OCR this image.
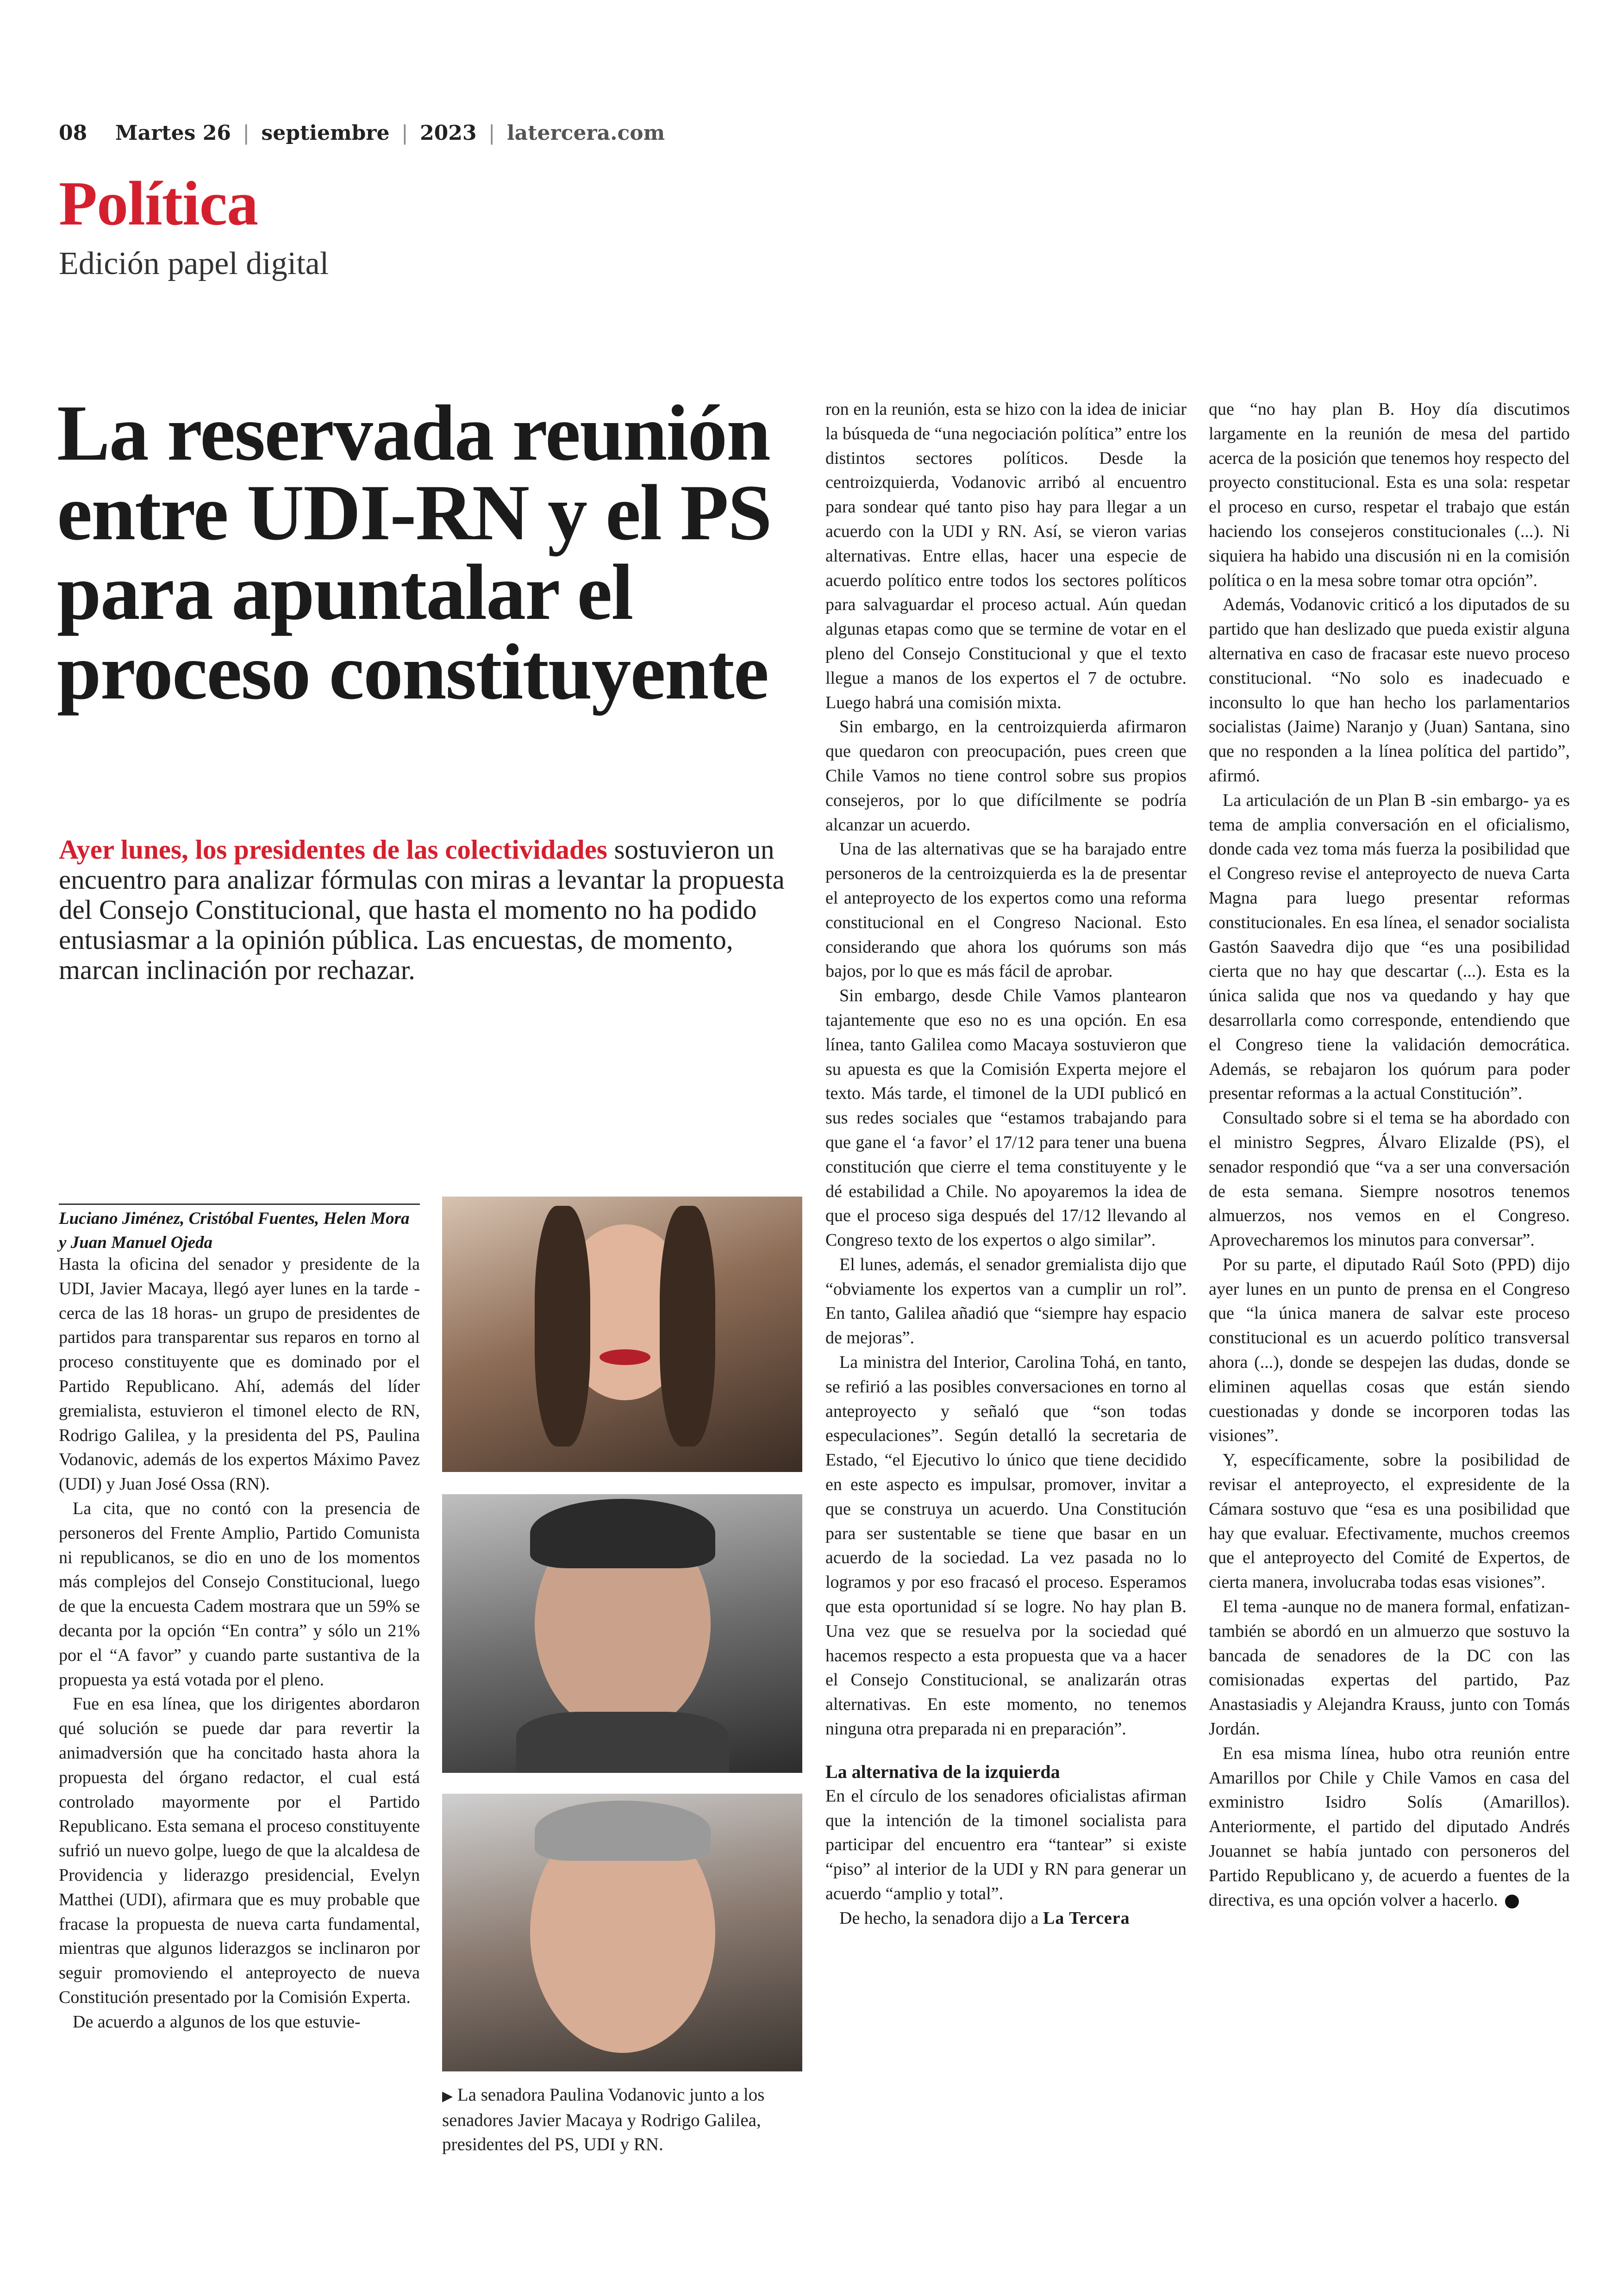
08 Martes 26 | septiembre | 2023 | latercera.com
Política
Edición papel digital
La reservada reunión entre UDI-RN y el PS para apuntalar el proceso constituyente
Ayer lunes, los presidentes de las colectividades sostuvieron un encuentro para analizar fórmulas con miras a levantar la propuesta del Consejo Constitucional, que hasta el momento no ha podido entusiasmar a la opinión pública. Las encuestas, de momento, marcan inclinación por rechazar.
Luciano Jiménez, Cristóbal Fuentes, Helen Mora y Juan Manuel Ojeda

Hasta la oficina del senador y presidente de la UDI, Javier Macaya, llegó ayer lunes en la tarde -cerca de las 18 horas- un grupo de presidentes de partidos para transparentar sus reparos en torno al proceso constituyente que es dominado por el Partido Republicano. Ahí, además del líder gremialista, estuvieron el timonel electo de RN, Rodrigo Galilea, y la presidenta del PS, Paulina Vodanovic, además de los expertos Máximo Pavez (UDI) y Juan José Ossa (RN).

La cita, que no contó con la presencia de personeros del Frente Amplio, Partido Comunista ni republicanos, se dio en uno de los momentos más complejos del Consejo Constitucional, luego de que la encuesta Cadem mostrara que un 59% se decanta por la opción “En contra” y sólo un 21% por el “A favor” y cuando parte sustantiva de la propuesta ya está votada por el pleno.

Fue en esa línea, que los dirigentes abordaron qué solución se puede dar para revertir la animadversión que ha concitado hasta ahora la propuesta del órgano redactor, el cual está controlado mayormente por el Partido Republicano. Esta semana el proceso constituyente sufrió un nuevo golpe, luego de que la alcaldesa de Providencia y liderazgo presidencial, Evelyn Matthei (UDI), afirmara que es muy probable que fracase la propuesta de nueva carta fundamental, mientras que algunos liderazgos se inclinaron por seguir promoviendo el anteproyecto de nueva Constitución presentado por la Comisión Experta.

De acuerdo a algunos de los que estuvie-

▶ La senadora Paulina Vodanovic junto a los senadores Javier Macaya y Rodrigo Galilea, presidentes del PS, UDI y RN.

ron en la reunión, esta se hizo con la idea de iniciar la búsqueda de “una negociación política” entre los distintos sectores políticos. Desde la centroizquierda, Vodanovic arribó al encuentro para sondear qué tanto piso hay para llegar a un acuerdo con la UDI y RN. Así, se vieron varias alternativas. Entre ellas, hacer una especie de acuerdo político entre todos los sectores políticos para salvaguardar el proceso actual. Aún quedan algunas etapas como que se termine de votar en el pleno del Consejo Constitucional y que el texto llegue a manos de los expertos el 7 de octubre. Luego habrá una comisión mixta.

Sin embargo, en la centroizquierda afirmaron que quedaron con preocupación, pues creen que Chile Vamos no tiene control sobre sus propios consejeros, por lo que difícilmente se podría alcanzar un acuerdo.

Una de las alternativas que se ha barajado entre personeros de la centroizquierda es la de presentar el anteproyecto de los expertos como una reforma constitucional en el Congreso Nacional. Esto considerando que ahora los quórums son más bajos, por lo que es más fácil de aprobar.

Sin embargo, desde Chile Vamos plantearon tajantemente que eso no es una opción. En esa línea, tanto Galilea como Macaya sostuvieron que su apuesta es que la Comisión Experta mejore el texto. Más tarde, el timonel de la UDI publicó en sus redes sociales que “estamos trabajando para que gane el ‘a favor’ el 17/12 para tener una buena constitución que cierre el tema constituyente y le dé estabilidad a Chile. No apoyaremos la idea de que el proceso siga después del 17/12 llevando al Congreso texto de los expertos o algo similar”.

El lunes, además, el senador gremialista dijo que “obviamente los expertos van a cumplir un rol”. En tanto, Galilea añadió que “siempre hay espacio de mejoras”.

La ministra del Interior, Carolina Tohá, en tanto, se refirió a las posibles conversaciones en torno al anteproyecto y señaló que “son todas especulaciones”. Según detalló la secretaria de Estado, “el Ejecutivo lo único que tiene decidido en este aspecto es impulsar, promover, invitar a que se construya un acuerdo. Una Constitución para ser sustentable se tiene que basar en un acuerdo de la sociedad. La vez pasada no lo logramos y por eso fracasó el proceso. Esperamos que esta oportunidad sí se logre. No hay plan B. Una vez que se resuelva por la sociedad qué hacemos respecto a esta propuesta que va a hacer el Consejo Constitucional, se analizarán otras alternativas. En este momento, no tenemos ninguna otra preparada ni en preparación”.

La alternativa de la izquierda

En el círculo de los senadores oficialistas afirman que la intención de la timonel socialista para participar del encuentro era “tantear” si existe “piso” al interior de la UDI y RN para generar un acuerdo “amplio y total”.

De hecho, la senadora dijo a La Tercera

que “no hay plan B. Hoy día discutimos largamente en la reunión de mesa del partido acerca de la posición que tenemos hoy respecto del proyecto constitucional. Esta es una sola: respetar el proceso en curso, respetar el trabajo que están haciendo los consejeros constitucionales (...). Ni siquiera ha habido una discusión ni en la comisión política o en la mesa sobre tomar otra opción”.

Además, Vodanovic criticó a los diputados de su partido que han deslizado que pueda existir alguna alternativa en caso de fracasar este nuevo proceso constitucional. “No solo es inadecuado e inconsulto lo que han hecho los parlamentarios socialistas (Jaime) Naranjo y (Juan) Santana, sino que no responden a la línea política del partido”, afirmó.

La articulación de un Plan B -sin embargo- ya es tema de amplia conversación en el oficialismo, donde cada vez toma más fuerza la posibilidad que el Congreso revise el anteproyecto de nueva Carta Magna para luego presentar reformas constitucionales. En esa línea, el senador socialista Gastón Saavedra dijo que “es una posibilidad cierta que no hay que descartar (...). Esta es la única salida que nos va quedando y hay que desarrollarla como corresponde, entendiendo que el Congreso tiene la validación democrática. Además, se rebajaron los quórum para poder presentar reformas a la actual Constitución”.

Consultado sobre si el tema se ha abordado con el ministro Segpres, Álvaro Elizalde (PS), el senador respondió que “va a ser una conversación de esta semana. Siempre nosotros tenemos almuerzos, nos vemos en el Congreso. Aprovecharemos los minutos para conversar”.

Por su parte, el diputado Raúl Soto (PPD) dijo ayer lunes en un punto de prensa en el Congreso que “la única manera de salvar este proceso constitucional es un acuerdo político transversal ahora (...), donde se despejen las dudas, donde se eliminen aquellas cosas que están siendo cuestionadas y donde se incorporen todas las visiones”.

Y, específicamente, sobre la posibilidad de revisar el anteproyecto, el expresidente de la Cámara sostuvo que “esa es una posibilidad que hay que evaluar. Efectivamente, muchos creemos que el anteproyecto del Comité de Expertos, de cierta manera, involucraba todas esas visiones”.

El tema -aunque no de manera formal, enfatizan- también se abordó en un almuerzo que sostuvo la bancada de senadores de la DC con las comisionadas expertas del partido, Paz Anastasiadis y Alejandra Krauss, junto con Tomás Jordán.

En esa misma línea, hubo otra reunión entre Amarillos por Chile y Chile Vamos en casa del exministro Isidro Solís (Amarillos). Anteriormente, el partido del diputado Andrés Jouannet se había juntado con personeros del Partido Republicano y, de acuerdo a fuentes de la directiva, es una opción volver a hacerlo.
